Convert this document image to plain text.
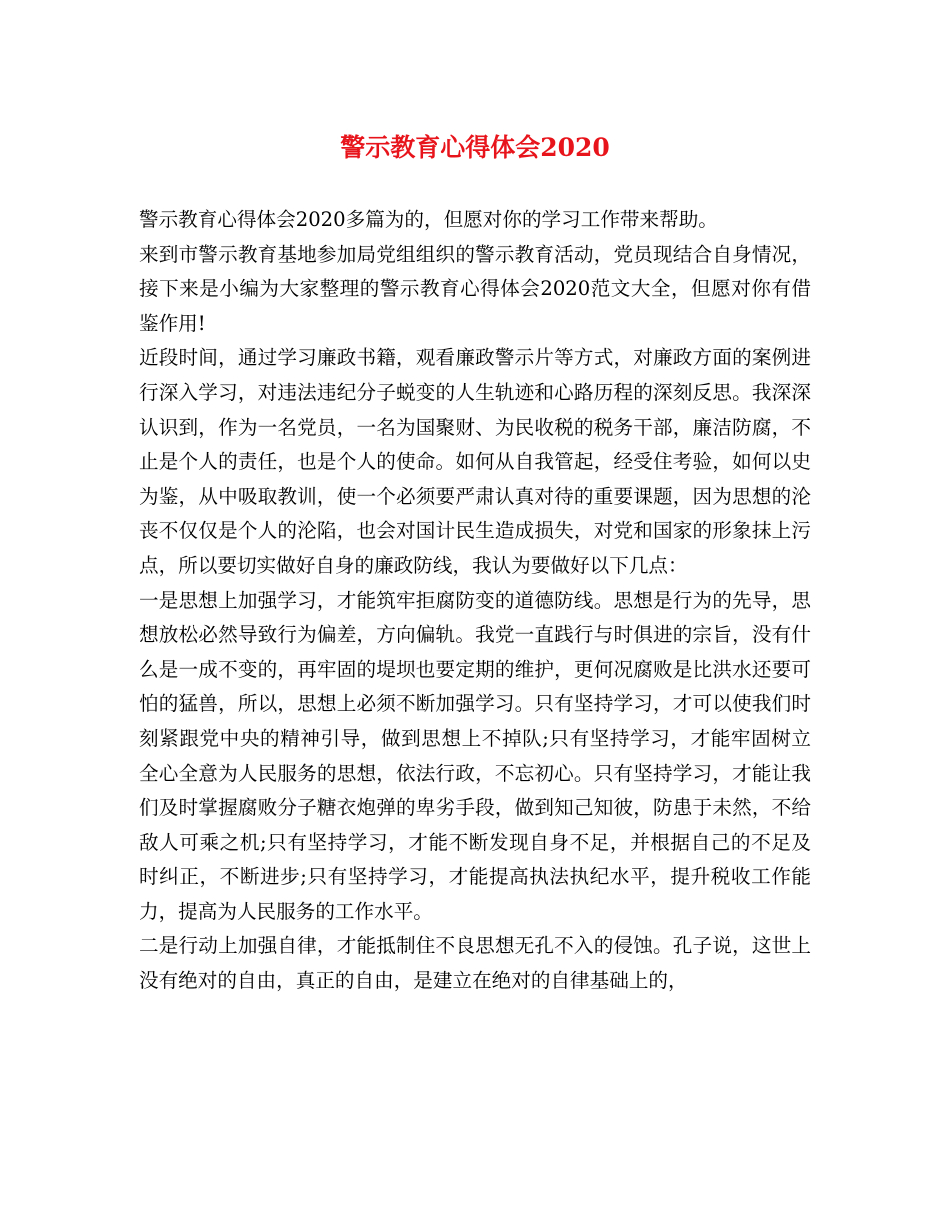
警示教育心得体会2020

警示教育心得体会2020多篇为的，但愿对你的学习工作带来帮助。

来到市警示教育基地参加局党组组织的警示教育活动，党员现结合自身情况，接下来是小编为大家整理的警示教育心得体会2020范文大全，但愿对你有借鉴作用!

近段时间，通过学习廉政书籍，观看廉政警示片等方式，对廉政方面的案例进行深入学习，对违法违纪分子蜕变的人生轨迹和心路历程的深刻反思。我深深认识到，作为一名党员，一名为国聚财、为民收税的税务干部，廉洁防腐，不止是个人的责任，也是个人的使命。如何从自我管起，经受住考验，如何以史为鉴，从中吸取教训，使一个必须要严肃认真对待的重要课题，因为思想的沦丧不仅仅是个人的沦陷，也会对国计民生造成损失，对党和国家的形象抹上污点，所以要切实做好自身的廉政防线，我认为要做好以下几点：

一是思想上加强学习，才能筑牢拒腐防变的道德防线。思想是行为的先导，思想放松必然导致行为偏差，方向偏轨。我党一直践行与时俱进的宗旨，没有什么是一成不变的，再牢固的堤坝也要定期的维护，更何况腐败是比洪水还要可怕的猛兽，所以，思想上必须不断加强学习。只有坚持学习，才可以使我们时刻紧跟党中央的精神引导，做到思想上不掉队;只有坚持学习，才能牢固树立全心全意为人民服务的思想，依法行政，不忘初心。只有坚持学习，才能让我们及时掌握腐败分子糖衣炮弹的卑劣手段，做到知己知彼，防患于未然，不给敌人可乘之机;只有坚持学习，才能不断发现自身不足，并根据自己的不足及时纠正，不断进步;只有坚持学习，才能提高执法执纪水平，提升税收工作能力，提高为人民服务的工作水平。

二是行动上加强自律，才能抵制住不良思想无孔不入的侵蚀。孔子说，这世上没有绝对的自由，真正的自由，是建立在绝对的自律基础上的，
